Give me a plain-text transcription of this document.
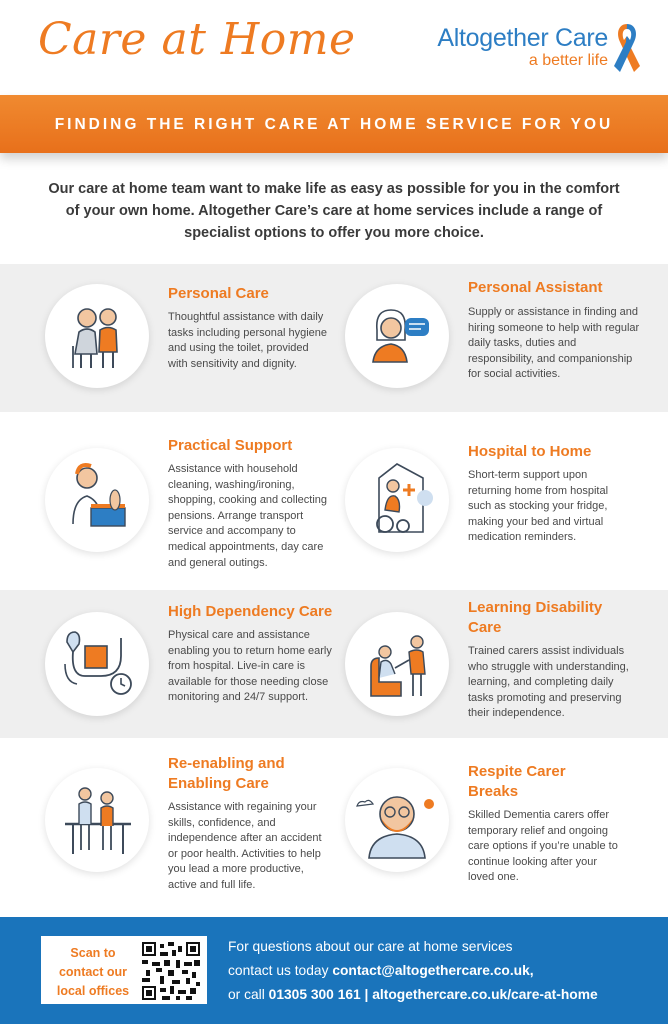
Care at Home	Altogether Care
a better life
FINDING THE RIGHT CARE AT HOME SERVICE FOR YOU
Our care at home team want to make life as easy as possible for you in the comfort of your own home. Altogether Care’s care at home services include a range of specialist options to offer you more choice.
Personal Care
Thoughtful assistance with daily tasks including personal hygiene and using the toilet, provided with sensitivity and dignity.
Personal Assistant
Supply or assistance in finding and hiring someone to help with regular daily tasks, duties and responsibility, and companionship for social activities.
Practical Support
Assistance with household cleaning, washing/ironing, shopping, cooking and collecting pensions. Arrange transport service and accompany to medical appointments, day care and general outings.
Hospital to Home
Short-term support upon returning home from hospital such as stocking your fridge, making your bed and virtual medication reminders.
High Dependency Care
Physical care and assistance enabling you to return home early from hospital. Live-in care is available for those needing close monitoring and 24/7 support.
Learning Disability Care
Trained carers assist individuals who struggle with understanding, learning, and completing daily tasks promoting and preserving their independence.
Re-enabling and Enabling Care
Assistance with regaining your skills, confidence, and independence after an accident or poor health. Activities to help you lead a more productive, active and full life.
Respite Carer Breaks
Skilled Dementia carers offer temporary relief and ongoing care options if you’re unable to continue looking after your loved one.
Scan to contact our local offices
For questions about our care at home services
contact us today contact@altogethercare.co.uk,
or call 01305 300 161 | altogethercare.co.uk/care-at-home
